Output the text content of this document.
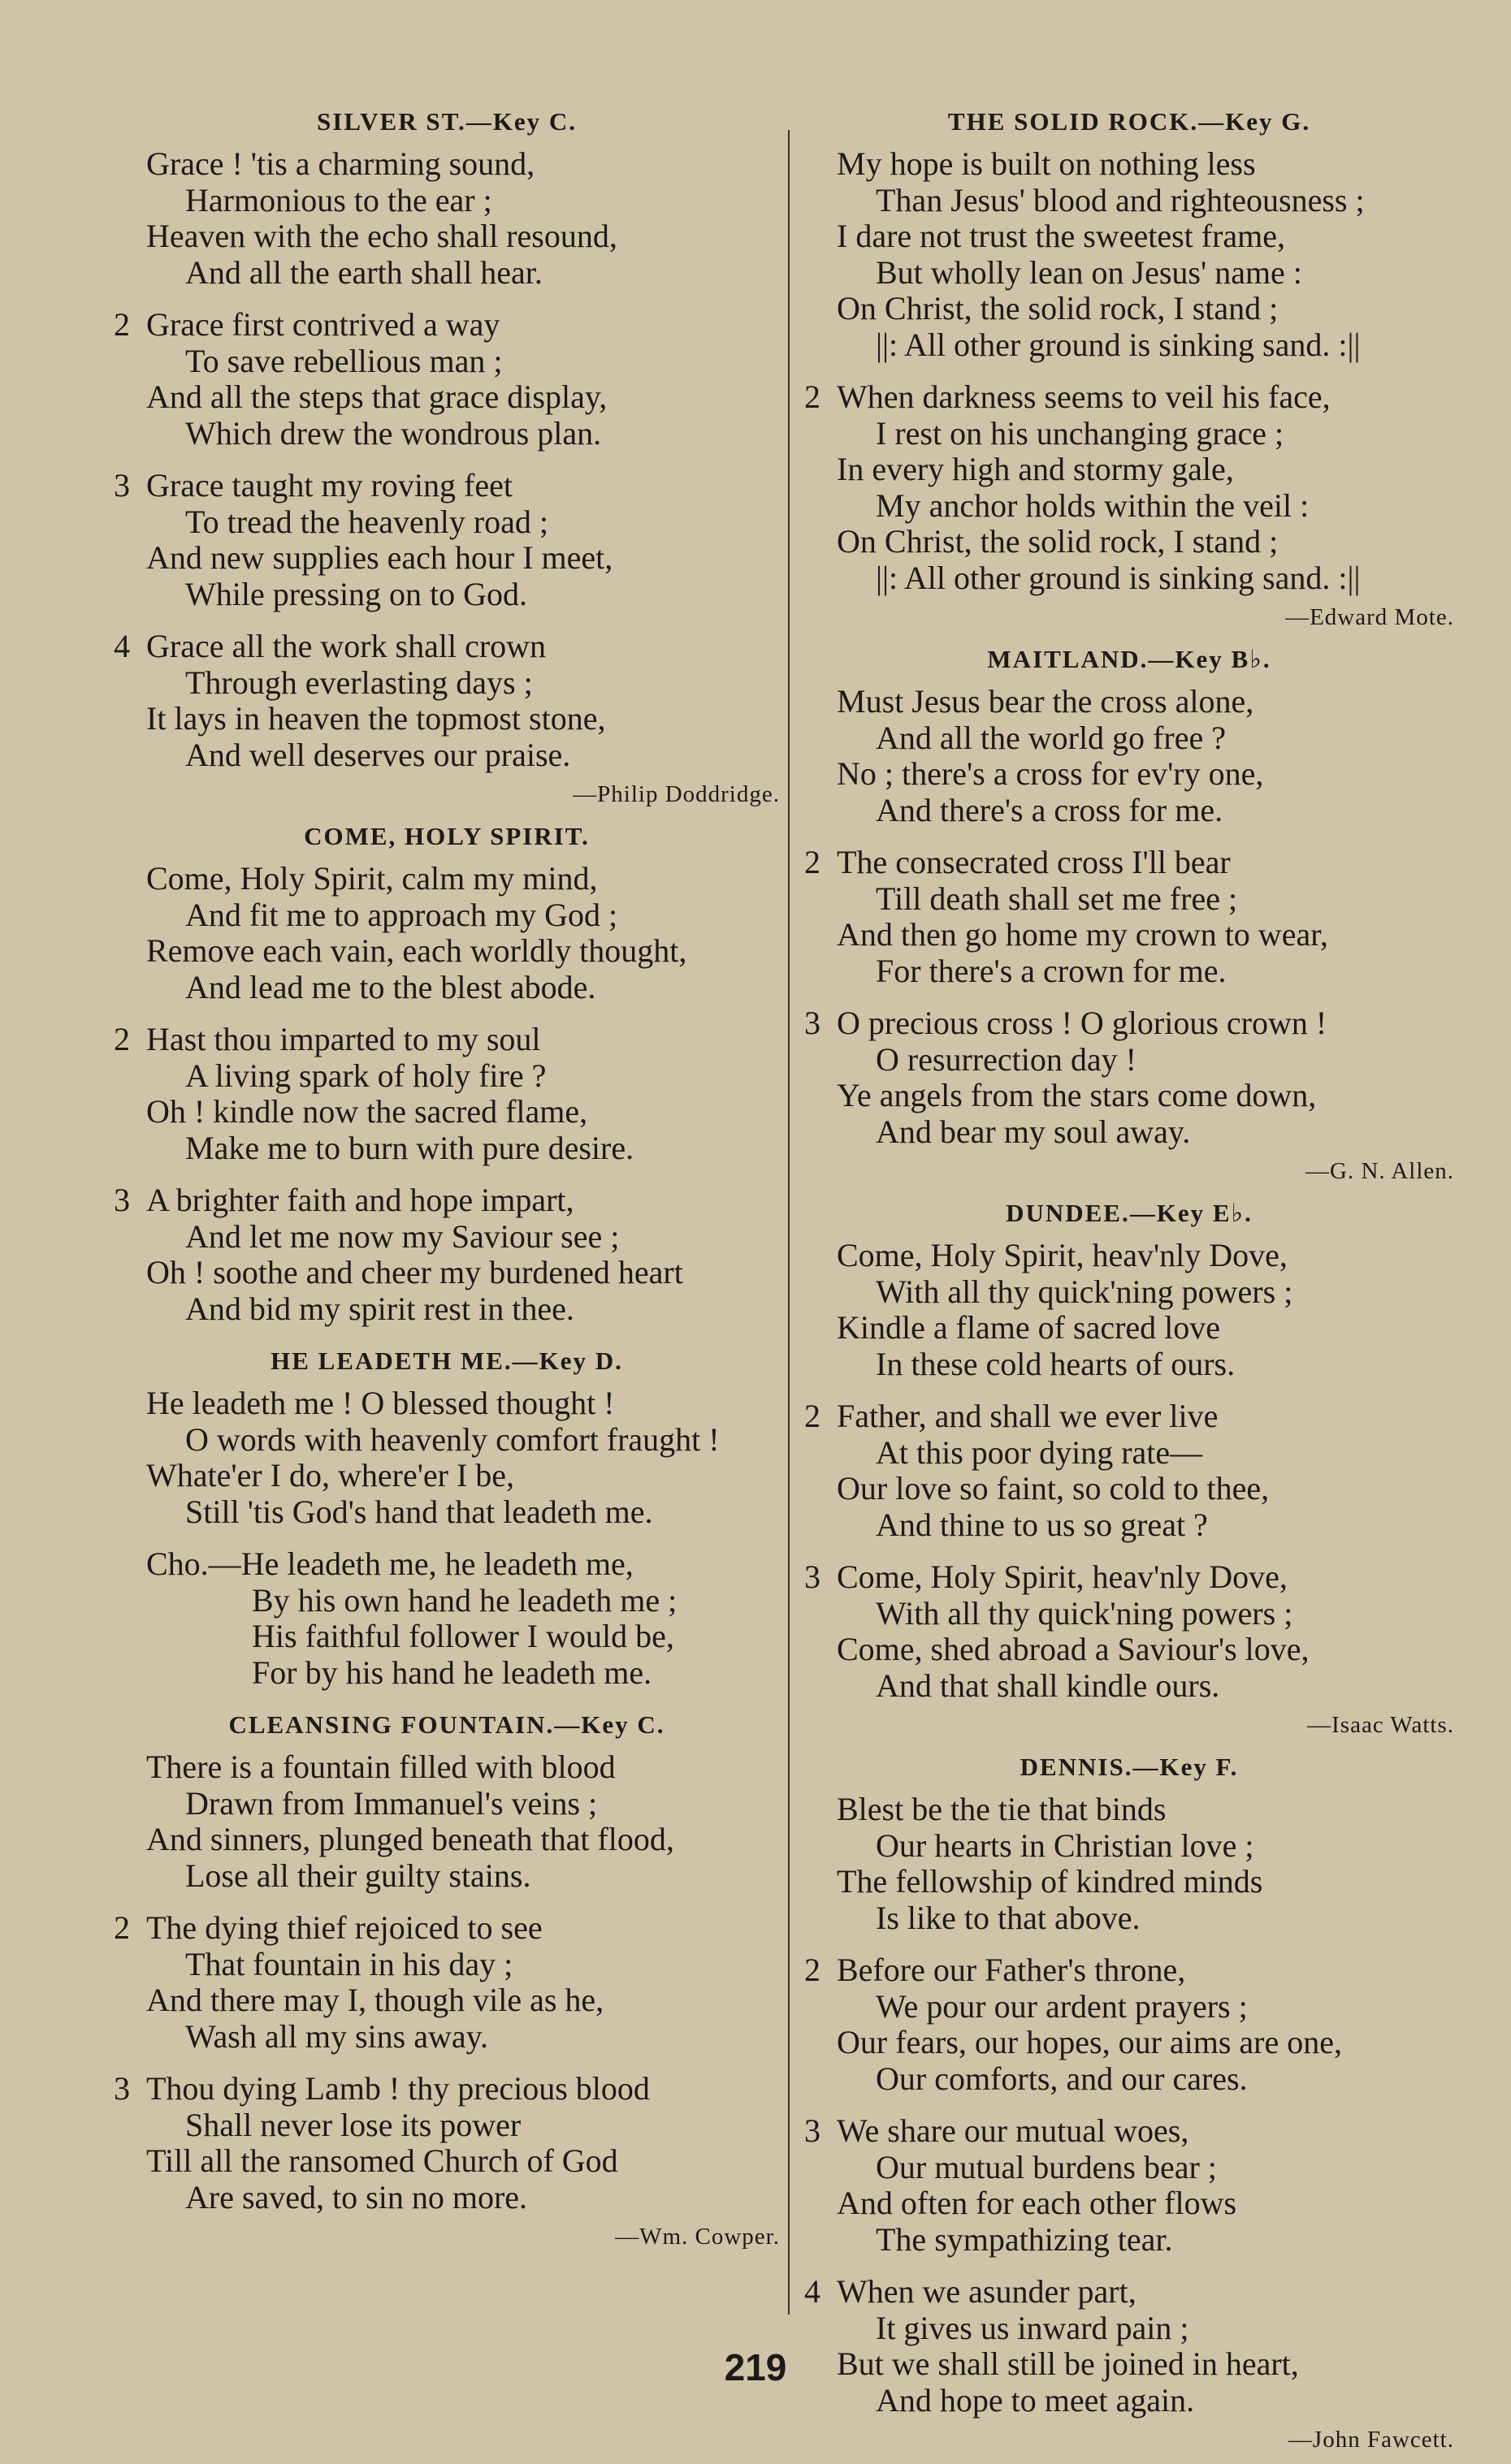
SILVER ST.—Key C.
Grace ! 'tis a charming sound,
Harmonious to the ear ;
Heaven with the echo shall resound,
And all the earth shall hear.
2 Grace first contrived a way
To save rebellious man ;
And all the steps that grace display,
Which drew the wondrous plan.
3 Grace taught my roving feet
To tread the heavenly road ;
And new supplies each hour I meet,
While pressing on to God.
4 Grace all the work shall crown
Through everlasting days ;
It lays in heaven the topmost stone,
And well deserves our praise.
—Philip Doddridge.
COME, HOLY SPIRIT.
Come, Holy Spirit, calm my mind,
And fit me to approach my God ;
Remove each vain, each worldly thought,
And lead me to the blest abode.
2 Hast thou imparted to my soul
A living spark of holy fire ?
Oh ! kindle now the sacred flame,
Make me to burn with pure desire.
3 A brighter faith and hope impart,
And let me now my Saviour see ;
Oh ! soothe and cheer my burdened heart
And bid my spirit rest in thee.
HE LEADETH ME.—Key D.
He leadeth me ! O blessed thought !
O words with heavenly comfort fraught !
Whate'er I do, where'er I be,
Still 'tis God's hand that leadeth me.
Cho.—He leadeth me, he leadeth me,
By his own hand he leadeth me ;
His faithful follower I would be,
For by his hand he leadeth me.
CLEANSING FOUNTAIN.—Key C.
There is a fountain filled with blood
Drawn from Immanuel's veins ;
And sinners, plunged beneath that flood,
Lose all their guilty stains.
2 The dying thief rejoiced to see
That fountain in his day ;
And there may I, though vile as he,
Wash all my sins away.
3 Thou dying Lamb ! thy precious blood
Shall never lose its power
Till all the ransomed Church of God
Are saved, to sin no more.
—Wm. Cowper.
THE SOLID ROCK.—Key G.
My hope is built on nothing less
Than Jesus' blood and righteousness ;
I dare not trust the sweetest frame,
But wholly lean on Jesus' name :
On Christ, the solid rock, I stand ;
||: All other ground is sinking sand. :||
2 When darkness seems to veil his face,
I rest on his unchanging grace ;
In every high and stormy gale,
My anchor holds within the veil :
On Christ, the solid rock, I stand ;
||: All other ground is sinking sand. :||
—Edward Mote.
MAITLAND.—Key B♭.
Must Jesus bear the cross alone,
And all the world go free ?
No ; there's a cross for ev'ry one,
And there's a cross for me.
2 The consecrated cross I'll bear
Till death shall set me free ;
And then go home my crown to wear,
For there's a crown for me.
3 O precious cross ! O glorious crown !
O resurrection day !
Ye angels from the stars come down,
And bear my soul away.
—G. N. Allen.
DUNDEE.—Key E♭.
Come, Holy Spirit, heav'nly Dove,
With all thy quick'ning powers ;
Kindle a flame of sacred love
In these cold hearts of ours.
2 Father, and shall we ever live
At this poor dying rate—
Our love so faint, so cold to thee,
And thine to us so great ?
3 Come, Holy Spirit, heav'nly Dove,
With all thy quick'ning powers ;
Come, shed abroad a Saviour's love,
And that shall kindle ours.
—Isaac Watts.
DENNIS.—Key F.
Blest be the tie that binds
Our hearts in Christian love ;
The fellowship of kindred minds
Is like to that above.
2 Before our Father's throne,
We pour our ardent prayers ;
Our fears, our hopes, our aims are one,
Our comforts, and our cares.
3 We share our mutual woes,
Our mutual burdens bear ;
And often for each other flows
The sympathizing tear.
4 When we asunder part,
It gives us inward pain ;
But we shall still be joined in heart,
And hope to meet again.
—John Fawcett.
219
